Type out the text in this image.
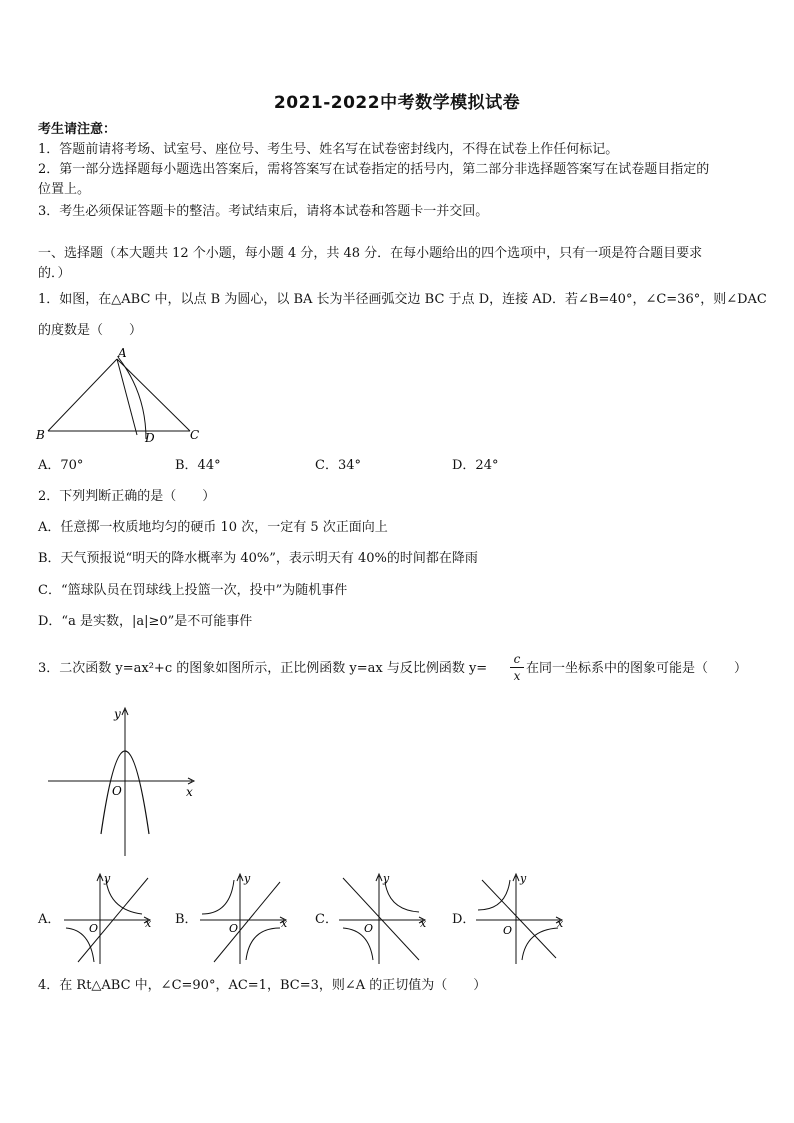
2021-2022中考数学模拟试卷
考生请注意：
1．答题前请将考场、试室号、座位号、考生号、姓名写在试卷密封线内，不得在试卷上作任何标记。
2．第一部分选择题每小题选出答案后，需将答案写在试卷指定的括号内，第二部分非选择题答案写在试卷题目指定的
位置上。
3．考生必须保证答题卡的整洁。考试结束后，请将本试卷和答题卡一并交回。
一、选择题（本大题共 12 个小题，每小题 4 分，共 48 分．在每小题给出的四个选项中，只有一项是符合题目要求
的．）
1．如图，在△ABC 中，以点 B 为圆心，以 BA 长为半径画弧交边 BC 于点 D，连接 AD．若∠B=40°，∠C=36°，则∠DAC
的度数是（　　）
A
B	C
D
A．70°	B．44°	C．34°	D．24°
2．下列判断正确的是（　　）
A．任意掷一枚质地均匀的硬币 10 次，一定有 5 次正面向上
B．天气预报说“明天的降水概率为 40%”，表示明天有 40%的时间都在降雨
C．“篮球队员在罚球线上投篮一次，投中”为随机事件
D．“a 是实数，|a|≥0”是不可能事件
3．二次函数 y=ax²+c 的图象如图所示，正比例函数 y=ax 与反比例函数 y=
c
x 在同一坐标系中的图象可能是（　　）
O	x
y
A．
O	x
y
B．
O	x
y
C．
O	x
y
D．
O
x
y
4．在 Rt△ABC 中，∠C=90°，AC=1，BC=3，则∠A 的正切值为（　　）
